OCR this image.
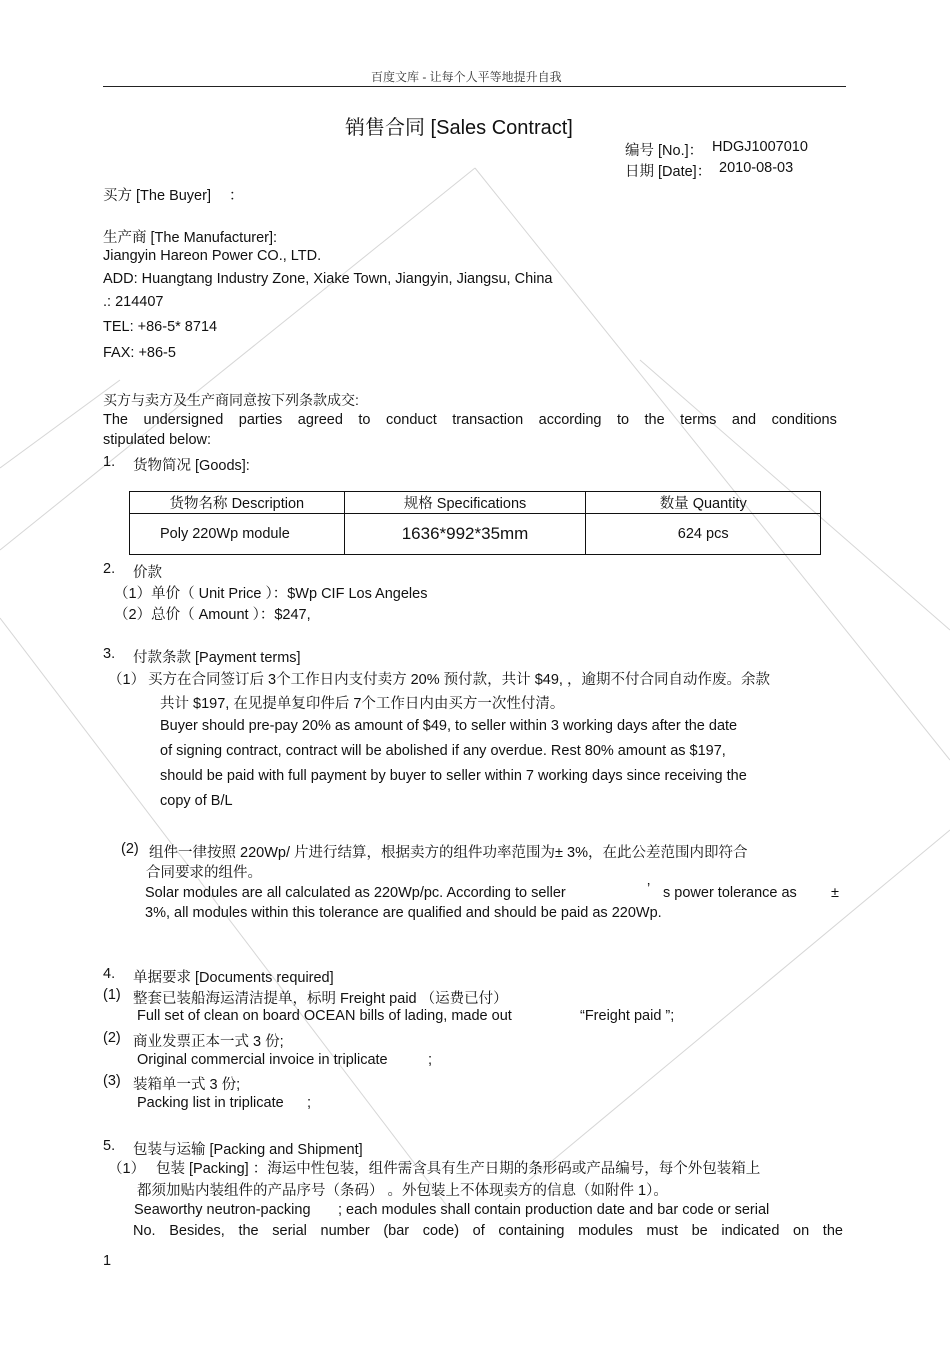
百度文库 - 让每个人平等地提升自我
销售合同 [Sales Contract]
编号 [No.]： HDGJ1007010
日期 [Date]： 2010-08-03
买方 [The Buyer] ：
生产商 [The Manufacturer]:
Jiangyin Hareon Power CO., LTD.
ADD: Huangtang Industry Zone, Xiake Town, Jiangyin, Jiangsu, China
.: 214407
TEL: +86-5* 8714
FAX: +86-5
买方与卖方及生产商同意按下列条款成交:
The undersigned parties agreed to conduct transaction according to the terms and conditions
stipulated below:
1. 货物简况 [Goods]:
货物名称 Description	规格 Specifications	数量 Quantity
Poly 220Wp module	1636*992*35mm	624 pcs
2. 价款
（1）单价（ Unit Price ）：$Wp CIF Los Angeles
（2）总价（ Amount ）：$247,
3. 付款条款 [Payment terms]
（1） 买方在合同签订后 3个工作日内支付卖方 20% 预付款，共计 $49, ，逾期不付合同自动作废。余款
共计 $197, 在见提单复印件后 7个工作日内由买方一次性付清。
Buyer should pre-pay 20% as amount of $49, to seller within 3 working days after the date
of signing contract, contract will be abolished if any overdue. Rest 80% amount as $197,
should be paid with full payment by buyer to seller within 7 working days since receiving the
copy of B/L
(2) 组件一律按照 220Wp/ 片进行结算，根据卖方的组件功率范围为± 3%，在此公差范围内即符合
合同要求的组件。
Solar modules are all calculated as 220Wp/pc. According to seller	’ s power tolerance as ±
3%, all modules within this tolerance are qualified and should be paid as 220Wp.
4. 单据要求 [Documents required]
(1) 整套已装船海运清洁提单，标明 Freight paid （运费已付）
Full set of clean on board OCEAN bills of lading, made out	“Freight paid ”;
(2) 商业发票正本一式 3 份;
Original commercial invoice in triplicate	;
(3) 装箱单一式 3 份;
Packing list in triplicate ;
5. 包装与运输 [Packing and Shipment]
（1） 包装 [Packing] ：海运中性包装，组件需含具有生产日期的条形码或产品编号，每个外包装箱上
都须加贴内装组件的产品序号（条码） 。外包装上不体现卖方的信息（如附件 1）。
Seaworthy neutron-packing ; each modules shall contain production date and bar code or serial
No. Besides, the serial number (bar code) of containing modules must be indicated on the
1
